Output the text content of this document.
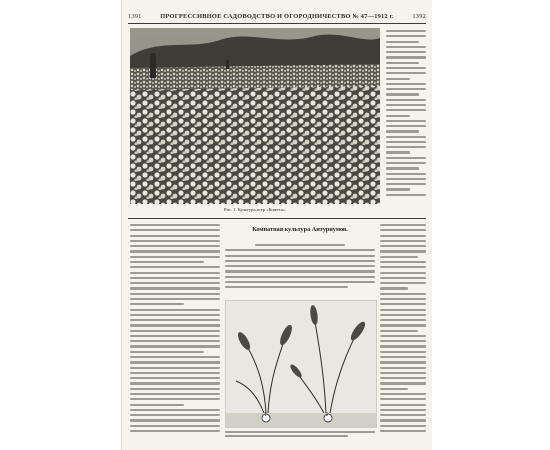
1391	ПРОГРЕССИВНОЕ САДОВОДСТВО И ОГОРОДНИЧЕСТВО № 47—1912 г.	1392
Рис. 1. Культура астр «Комета».
Комнатная культура Антуриумов.
1	2
